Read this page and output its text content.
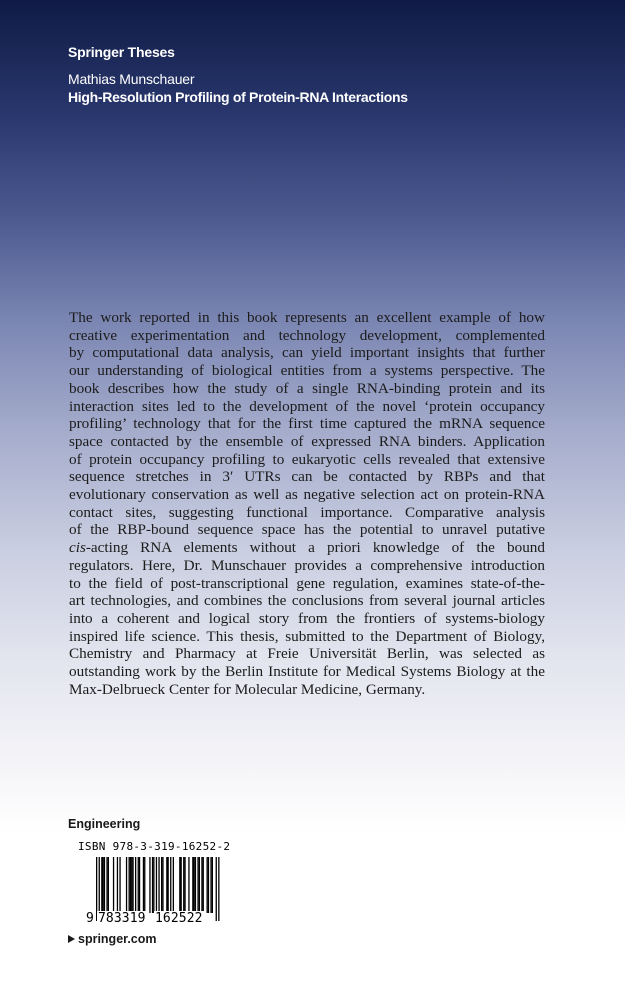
Springer Theses
Mathias Munschauer
High-Resolution Profiling of Protein-RNA Interactions
The work reported in this book represents an excellent example of how
creative experimentation and technology development, complemented
by computational data analysis, can yield important insights that further
our understanding of biological entities from a systems perspective. The
book describes how the study of a single RNA-binding protein and its
interaction sites led to the development of the novel ‘protein occupancy
profiling’ technology that for the first time captured the mRNA sequence
space contacted by the ensemble of expressed RNA binders. Application
of protein occupancy profiling to eukaryotic cells revealed that extensive
sequence stretches in 3′ UTRs can be contacted by RBPs and that
evolutionary conservation as well as negative selection act on protein-RNA
contact sites, suggesting functional importance. Comparative analysis
of the RBP-bound sequence space has the potential to unravel putative
cis-acting RNA elements without a priori knowledge of the bound
regulators. Here, Dr. Munschauer provides a comprehensive introduction
to the field of post-transcriptional gene regulation, examines state-of-the-
art technologies, and combines the conclusions from several journal articles
into a coherent and logical story from the frontiers of systems-biology
inspired life science. This thesis, submitted to the Department of Biology,
Chemistry and Pharmacy at Freie Universität Berlin, was selected as
outstanding work by the Berlin Institute for Medical Systems Biology at the
Max-Delbrueck Center for Molecular Medicine, Germany.
Engineering
ISBN 978-3-319-16252-2
9 783319 162522
springer.com
